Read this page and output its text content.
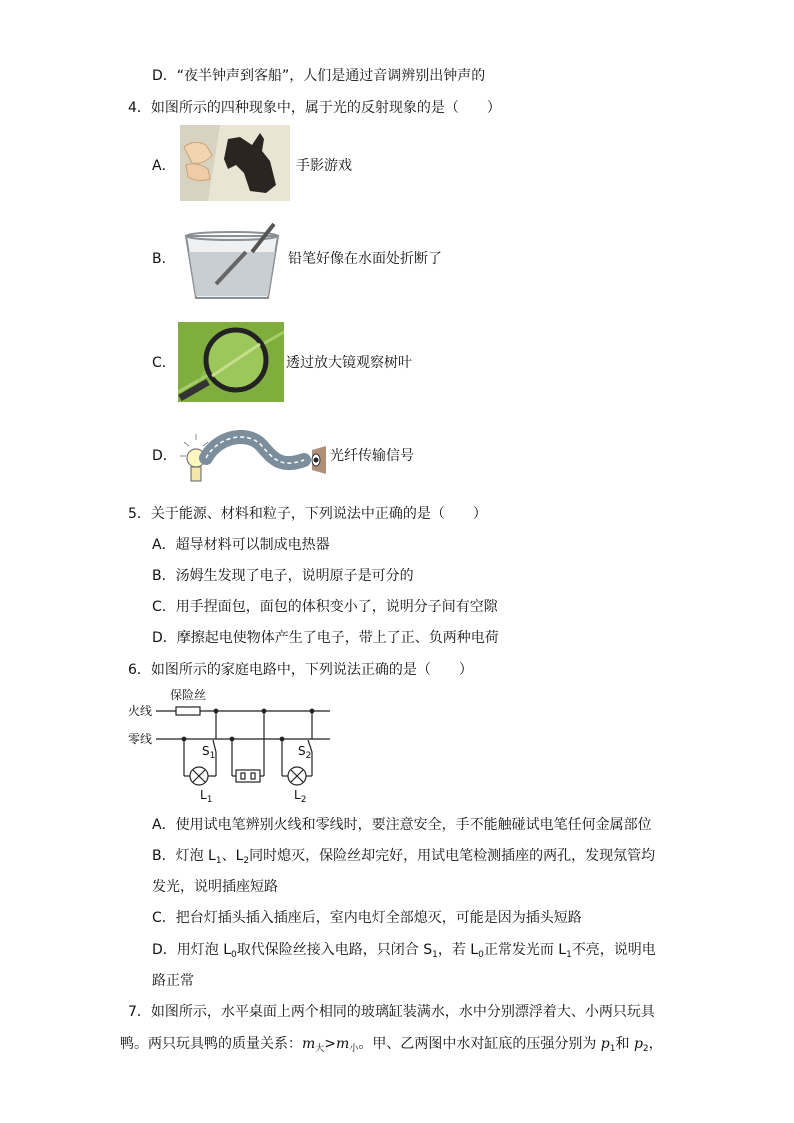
D．“夜半钟声到客船”，人们是通过音调辨别出钟声的
4．如图所示的四种现象中，属于光的反射现象的是（　　）
A．	手影游戏
B．	铅笔好像在水面处折断了
C．	透过放大镜观察树叶
D．	光纤传输信号
5．关于能源、材料和粒子，下列说法中正确的是（　　）
A．超导材料可以制成电热器
B．汤姆生发现了电子，说明原子是可分的
C．用手捏面包，面包的体积变小了，说明分子间有空隙
D．摩擦起电使物体产生了电子，带上了正、负两种电荷
6．如图所示的家庭电路中，下列说法正确的是（　　）
保险丝
火线
零线
$S_1$	$S_2$
$L_1$	$L_2$
A．使用试电笔辨别火线和零线时，要注意安全，手不能触碰试电笔任何金属部位
B．灯泡 $L_1$、$L_2$同时熄灭，保险丝却完好，用试电笔检测插座的两孔，发现氖管均
发光，说明插座短路
C．把台灯插头插入插座后，室内电灯全部熄灭，可能是因为插头短路
D．用灯泡 $L_0$取代保险丝接入电路，只闭合 $S_1$，若 $L_0$正常发光而 $L_1$不亮，说明电
路正常
7．如图所示，水平桌面上两个相同的玻璃缸装满水，水中分别漂浮着大、小两只玩具
鸭。两只玩具鸭的质量关系：$m_大>m_小$。甲、乙两图中水对缸底的压强分别为 $p_1$和 $p_2$，
